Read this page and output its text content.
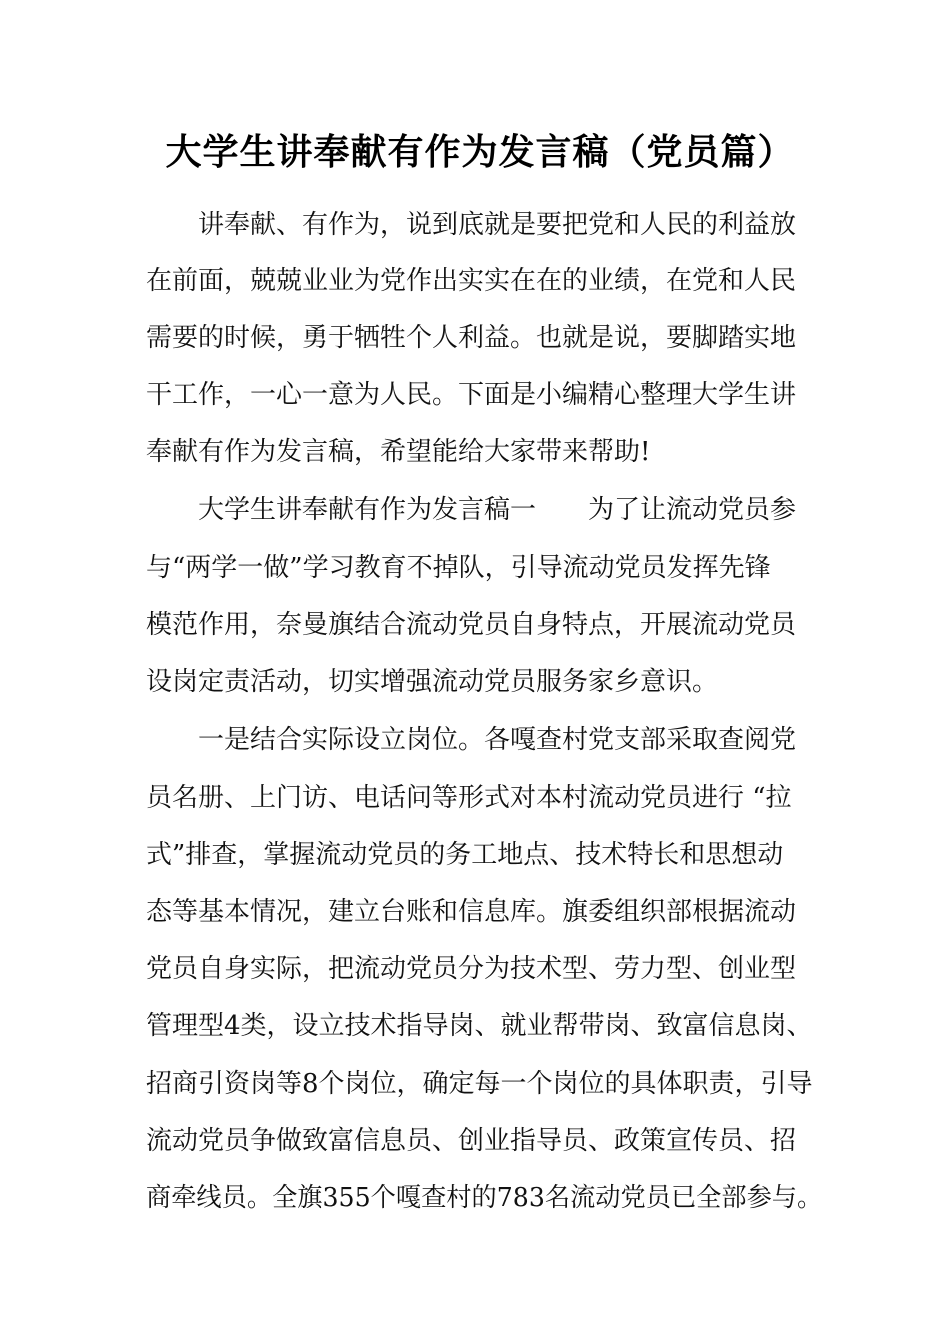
大学生讲奉献有作为发言稿（党员篇）
讲奉献、有作为，说到底就是要把党和人民的利益放
在前面，兢兢业业为党作出实实在在的业绩，在党和人民
需要的时候，勇于牺牲个人利益。也就是说，要脚踏实地
干工作，一心一意为人民。下面是小编精心整理大学生讲
奉献有作为发言稿，希望能给大家带来帮助!
大学生讲奉献有作为发言稿一　　为了让流动党员参
与“两学一做”学习教育不掉队，引导流动党员发挥先锋
模范作用，奈曼旗结合流动党员自身特点，开展流动党员
设岗定责活动，切实增强流动党员服务家乡意识。
一是结合实际设立岗位。各嘎查村党支部采取查阅党
员名册、上门访、电话问等形式对本村流动党员进行 “拉
式”排查，掌握流动党员的务工地点、技术特长和思想动
态等基本情况，建立台账和信息库。旗委组织部根据流动
党员自身实际，把流动党员分为技术型、劳力型、创业型
管理型4类，设立技术指导岗、就业帮带岗、致富信息岗、
招商引资岗等8个岗位，确定每一个岗位的具体职责，引导
流动党员争做致富信息员、创业指导员、政策宣传员、招
商牵线员。全旗355个嘎查村的783名流动党员已全部参与。
